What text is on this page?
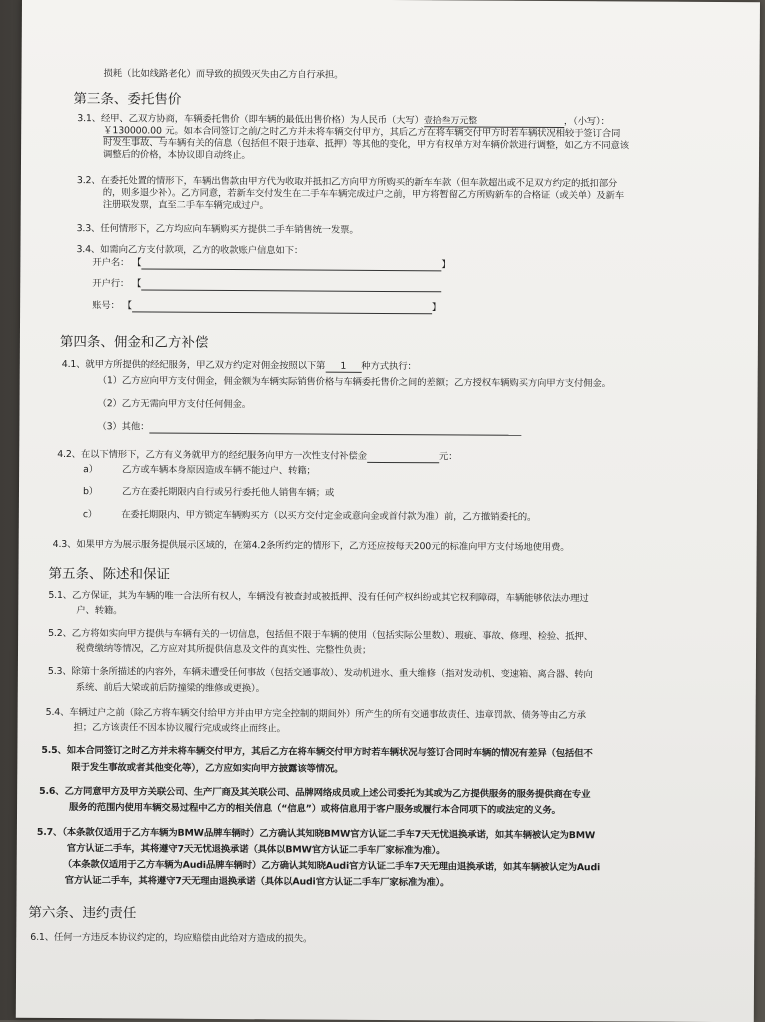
损耗（比如线路老化）而导致的损毁灭失由乙方自行承担。
第三条、委托售价
3.1、经甲、乙双方协商，车辆委托售价（即车辆的最低出售价格）为人民币（大写）壹拾叁万元整	，（小写）：
￥130000.00 元。如本合同签订之前/之时乙方并未将车辆交付甲方，其后乙方在将车辆交付甲方时若车辆状况相较于签订合同
时发生事故、与车辆有关的信息（包括但不限于违章、抵押）等其他的变化，甲方有权单方对车辆价款进行调整，如乙方不同意该
调整后的价格，本协议即自动终止。
3.2、在委托处置的情形下，车辆出售款由甲方代为收取并抵扣乙方向甲方所购买的新车车款（但车款超出或不足双方约定的抵扣部分
的，则多退少补）。乙方同意，若新车交付发生在二手车车辆完成过户之前，甲方将暂留乙方所购新车的合格证（或关单）及新车
注册联发票，直至二手车车辆完成过户。
3.3、任何情形下，乙方均应向车辆购买方提供二手车销售统一发票。
3.4、如需向乙方支付款项，乙方的收款账户信息如下：
开户名： 【	】
开户行： 【
账号： 【	】
第四条、佣金和乙方补偿
4.1、就甲方所提供的经纪服务，甲乙双方约定对佣金按照以下第 1 种方式执行：
（1）乙方应向甲方支付佣金，佣金额为车辆实际销售价格与车辆委托售价之间的差额；乙方授权车辆购买方向甲方支付佣金。
（2）乙方无需向甲方支付任何佣金。
（3）其他：
4.2、在以下情形下，乙方有义务就甲方的经纪服务向甲方一次性支付补偿金	元：
a）	乙方或车辆本身原因造成车辆不能过户、转籍；
b）	乙方在委托期限内自行或另行委托他人销售车辆；或
c）	在委托期限内、甲方锁定车辆购买方（以买方交付定金或意向金或首付款为准）前，乙方撤销委托的。
4.3、如果甲方为展示服务提供展示区域的，在第4.2条所约定的情形下，乙方还应按每天200元的标准向甲方支付场地使用费。
第五条、陈述和保证
5.1、乙方保证，其为车辆的唯一合法所有权人，车辆没有被查封或被抵押、没有任何产权纠纷或其它权利障碍，车辆能够依法办理过
户、转籍。
5.2、乙方将如实向甲方提供与车辆有关的一切信息，包括但不限于车辆的使用（包括实际公里数）、瑕疵、事故、修理、检验、抵押、
税费缴纳等情况，乙方应对其所提供信息及文件的真实性、完整性负责；
5.3、除第十条所描述的内容外，车辆未遭受任何事故（包括交通事故）、发动机进水、重大维修（指对发动机、变速箱、离合器、转向
系统、前后大梁或前后防撞梁的维修或更换）。
5.4、车辆过户之前（除乙方将车辆交付给甲方并由甲方完全控制的期间外）所产生的所有交通事故责任、违章罚款、债务等由乙方承
担；乙方该责任不因本协议履行完成或终止而终止。
5.5、如本合同签订之时乙方并未将车辆交付甲方，其后乙方在将车辆交付甲方时若车辆状况与签订合同时车辆的情况有差异（包括但不
限于发生事故或者其他变化等），乙方应如实向甲方披露该等情况。
5.6、乙方同意甲方及甲方关联公司、生产厂商及其关联公司、品牌网络成员或上述公司委托为其或为乙方提供服务的服务提供商在专业
服务的范围内使用车辆交易过程中乙方的相关信息（“信息”）或将信息用于客户服务或履行本合同项下的或法定的义务。
5.7、（本条款仅适用于乙方车辆为BMW品牌车辆时）乙方确认其知晓BMW官方认证二手车7天无忧退换承诺，如其车辆被认定为BMW
官方认证二手车，其将遵守7天无忧退换承诺（具体以BMW官方认证二手车厂家标准为准）。
（本条款仅适用于乙方车辆为Audi品牌车辆时）乙方确认其知晓Audi官方认证二手车7天无理由退换承诺，如其车辆被认定为Audi
官方认证二手车，其将遵守7天无理由退换承诺（具体以Audi官方认证二手车厂家标准为准）。
第六条、违约责任
6.1、任何一方违反本协议约定的，均应赔偿由此给对方造成的损失。
